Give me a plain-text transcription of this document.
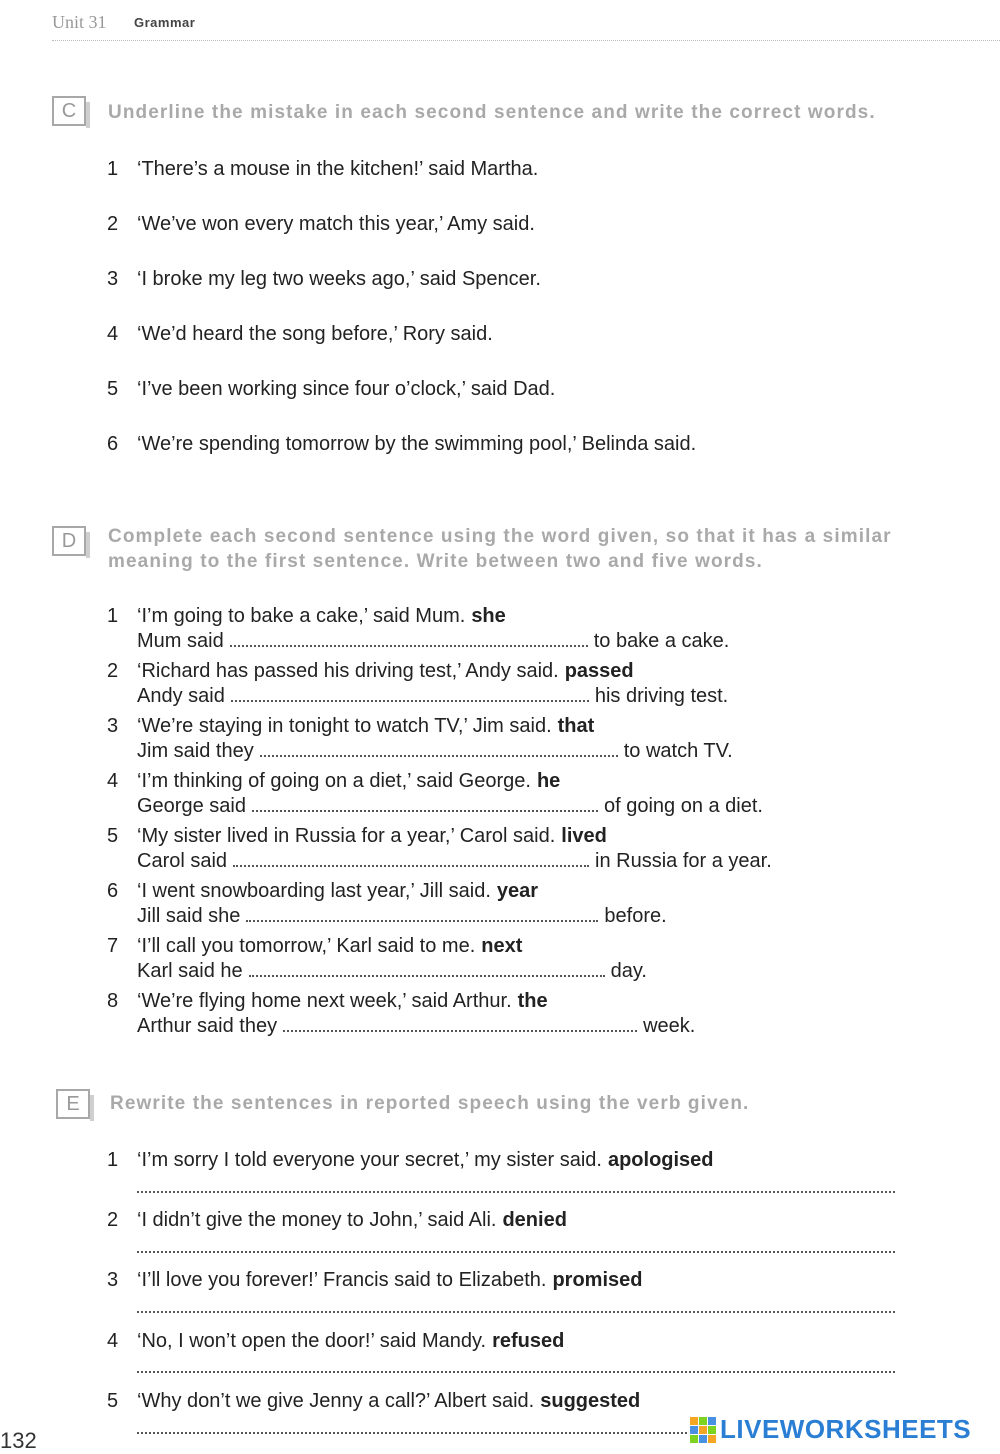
Unit 31 Grammar
C	Underline the mistake in each second sentence and write the correct words.
1 ‘There’s a mouse in the kitchen!’ said Martha.
2 ‘We’ve won every match this year,’ Amy said.
3 ‘I broke my leg two weeks ago,’ said Spencer.
4 ‘We’d heard the song before,’ Rory said.
5 ‘I’ve been working since four o’clock,’ said Dad.
6 ‘We’re spending tomorrow by the swimming pool,’ Belinda said.
D	Complete each second sentence using the word given, so that it has a similar
meaning to the first sentence. Write between two and five words.
1 ‘I’m going to bake a cake,’ said Mum. she
Mum said	to bake a cake.
2 ‘Richard has passed his driving test,’ Andy said. passed
Andy said	his driving test.
3 ‘We’re staying in tonight to watch TV,’ Jim said. that
Jim said they	to watch TV.
4 ‘I’m thinking of going on a diet,’ said George. he
George said	of going on a diet.
5 ‘My sister lived in Russia for a year,’ Carol said. lived
Carol said	in Russia for a year.
6 ‘I went snowboarding last year,’ Jill said. year
Jill said she	before.
7 ‘I’ll call you tomorrow,’ Karl said to me. next
Karl said he	day.
8 ‘We’re flying home next week,’ said Arthur. the
Arthur said they	week.
E	Rewrite the sentences in reported speech using the verb given.
1 ‘I’m sorry I told everyone your secret,’ my sister said. apologised
2 ‘I didn’t give the money to John,’ said Ali. denied
3 ‘I’ll love you forever!’ Francis said to Elizabeth. promised
4 ‘No, I won’t open the door!’ said Mandy. refused
5 ‘Why don’t we give Jenny a call?’ Albert said. suggested
132	LIVEWORKSHEETS
